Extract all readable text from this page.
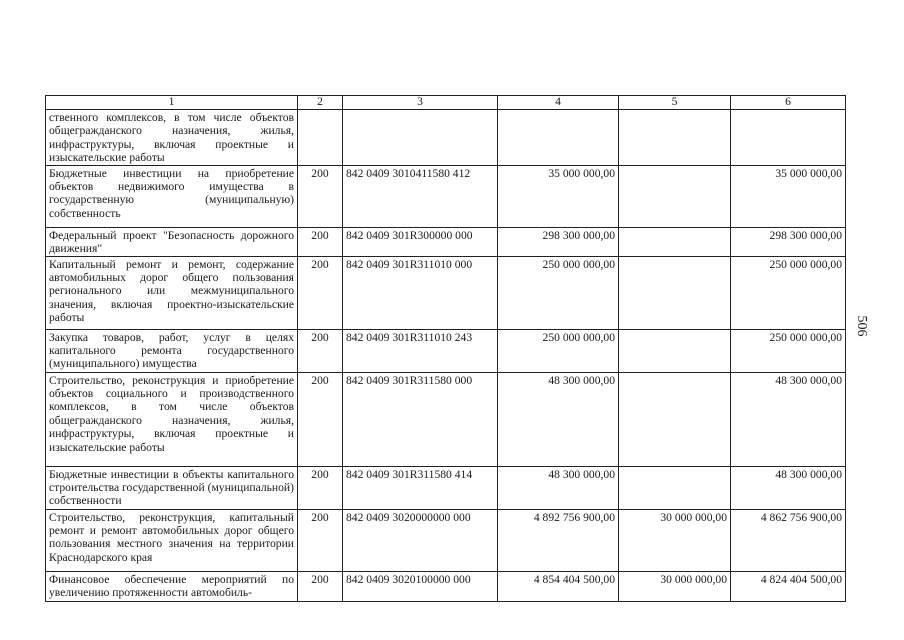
506
1	2	3	4	5	6
ственного комплексов, в том числе объектов общегражданского назначения, жилья, инфраструктуры, включая проектные и изыскательские работы					
Бюджетные инвестиции на приобретение объектов недвижимого имущества в государственную (муниципальную) собственность	200	842 0409 3010411580 412	35 000 000,00		35 000 000,00
Федеральный проект "Безопасность дорожного движения"	200	842 0409 301R300000 000	298 300 000,00		298 300 000,00
Капитальный ремонт и ремонт, содержание автомобильных дорог общего пользования регионального или межмуниципального значения, включая проектно-изыскательские работы	200	842 0409 301R311010 000	250 000 000,00		250 000 000,00
Закупка товаров, работ, услуг в целях капитального ремонта государственного (муниципального) имущества	200	842 0409 301R311010 243	250 000 000,00		250 000 000,00
Строительство, реконструкция и приобретение объектов социального и производственного комплексов, в том числе объектов общегражданского назначения, жилья, инфраструктуры, включая проектные и изыскательские работы	200	842 0409 301R311580 000	48 300 000,00		48 300 000,00
Бюджетные инвестиции в объекты капитального строительства государственной (муниципальной) собственности	200	842 0409 301R311580 414	48 300 000,00		48 300 000,00
Строительство, реконструкция, капитальный ремонт и ремонт автомобильных дорог общего пользования местного значения на территории Краснодарского края	200	842 0409 3020000000 000	4 892 756 900,00	30 000 000,00	4 862 756 900,00
Финансовое обеспечение мероприятий по увеличению протяженности автомобиль-	200	842 0409 3020100000 000	4 854 404 500,00	30 000 000,00	4 824 404 500,00
